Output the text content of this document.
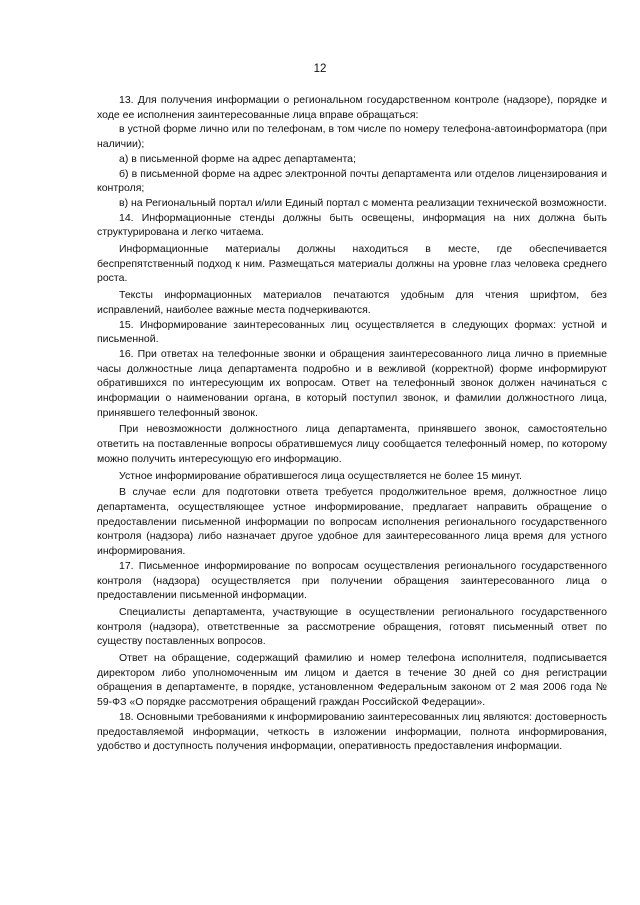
12

13. Для получения информации о региональном государственном контроле (надзоре), порядке и ходе ее исполнения заинтересованные лица вправе обращаться:

в устной форме лично или по телефонам, в том числе по номеру телефона-автоинформатора (при наличии);

а) в письменной форме на адрес департамента;

б) в письменной форме на адрес электронной почты департамента или отделов лицензирования и контроля;

в) на Региональный портал и/или Единый портал с момента реализации технической возможности.

14. Информационные стенды должны быть освещены, информация на них должна быть структурирована и легко читаема.

Информационные материалы должны находиться в месте, где обеспечивается беспрепятственный подход к ним. Размещаться материалы должны на уровне глаз человека среднего роста.

Тексты информационных материалов печатаются удобным для чтения шрифтом, без исправлений, наиболее важные места подчеркиваются.

15. Информирование заинтересованных лиц осуществляется в следующих формах: устной и письменной.

16. При ответах на телефонные звонки и обращения заинтересованного лица лично в приемные часы должностные лица департамента подробно и в вежливой (корректной) форме информируют обратившихся по интересующим их вопросам. Ответ на телефонный звонок должен начинаться с информации о наименовании органа, в который поступил звонок, и фамилии должностного лица, принявшего телефонный звонок.

При невозможности должностного лица департамента, принявшего звонок, самостоятельно ответить на поставленные вопросы обратившемуся лицу сообщается телефонный номер, по которому можно получить интересующую его информацию.

Устное информирование обратившегося лица осуществляется не более 15 минут.

В случае если для подготовки ответа требуется продолжительное время, должностное лицо департамента, осуществляющее устное информирование, предлагает направить обращение о предоставлении письменной информации по вопросам исполнения регионального государственного контроля (надзора) либо назначает другое удобное для заинтересованного лица время для устного информирования.

17. Письменное информирование по вопросам осуществления регионального государственного контроля (надзора) осуществляется при получении обращения заинтересованного лица о предоставлении письменной информации.

Специалисты департамента, участвующие в осуществлении регионального государственного контроля (надзора), ответственные за рассмотрение обращения, готовят письменный ответ по существу поставленных вопросов.

Ответ на обращение, содержащий фамилию и номер телефона исполнителя, подписывается директором либо уполномоченным им лицом и дается в течение 30 дней со дня регистрации обращения в департаменте, в порядке, установленном Федеральным законом от 2 мая 2006 года № 59-ФЗ «О порядке рассмотрения обращений граждан Российской Федерации».

18. Основными требованиями к информированию заинтересованных лиц являются: достоверность предоставляемой информации, четкость в изложении информации, полнота информирования, удобство и доступность получения информации, оперативность предоставления информации.
